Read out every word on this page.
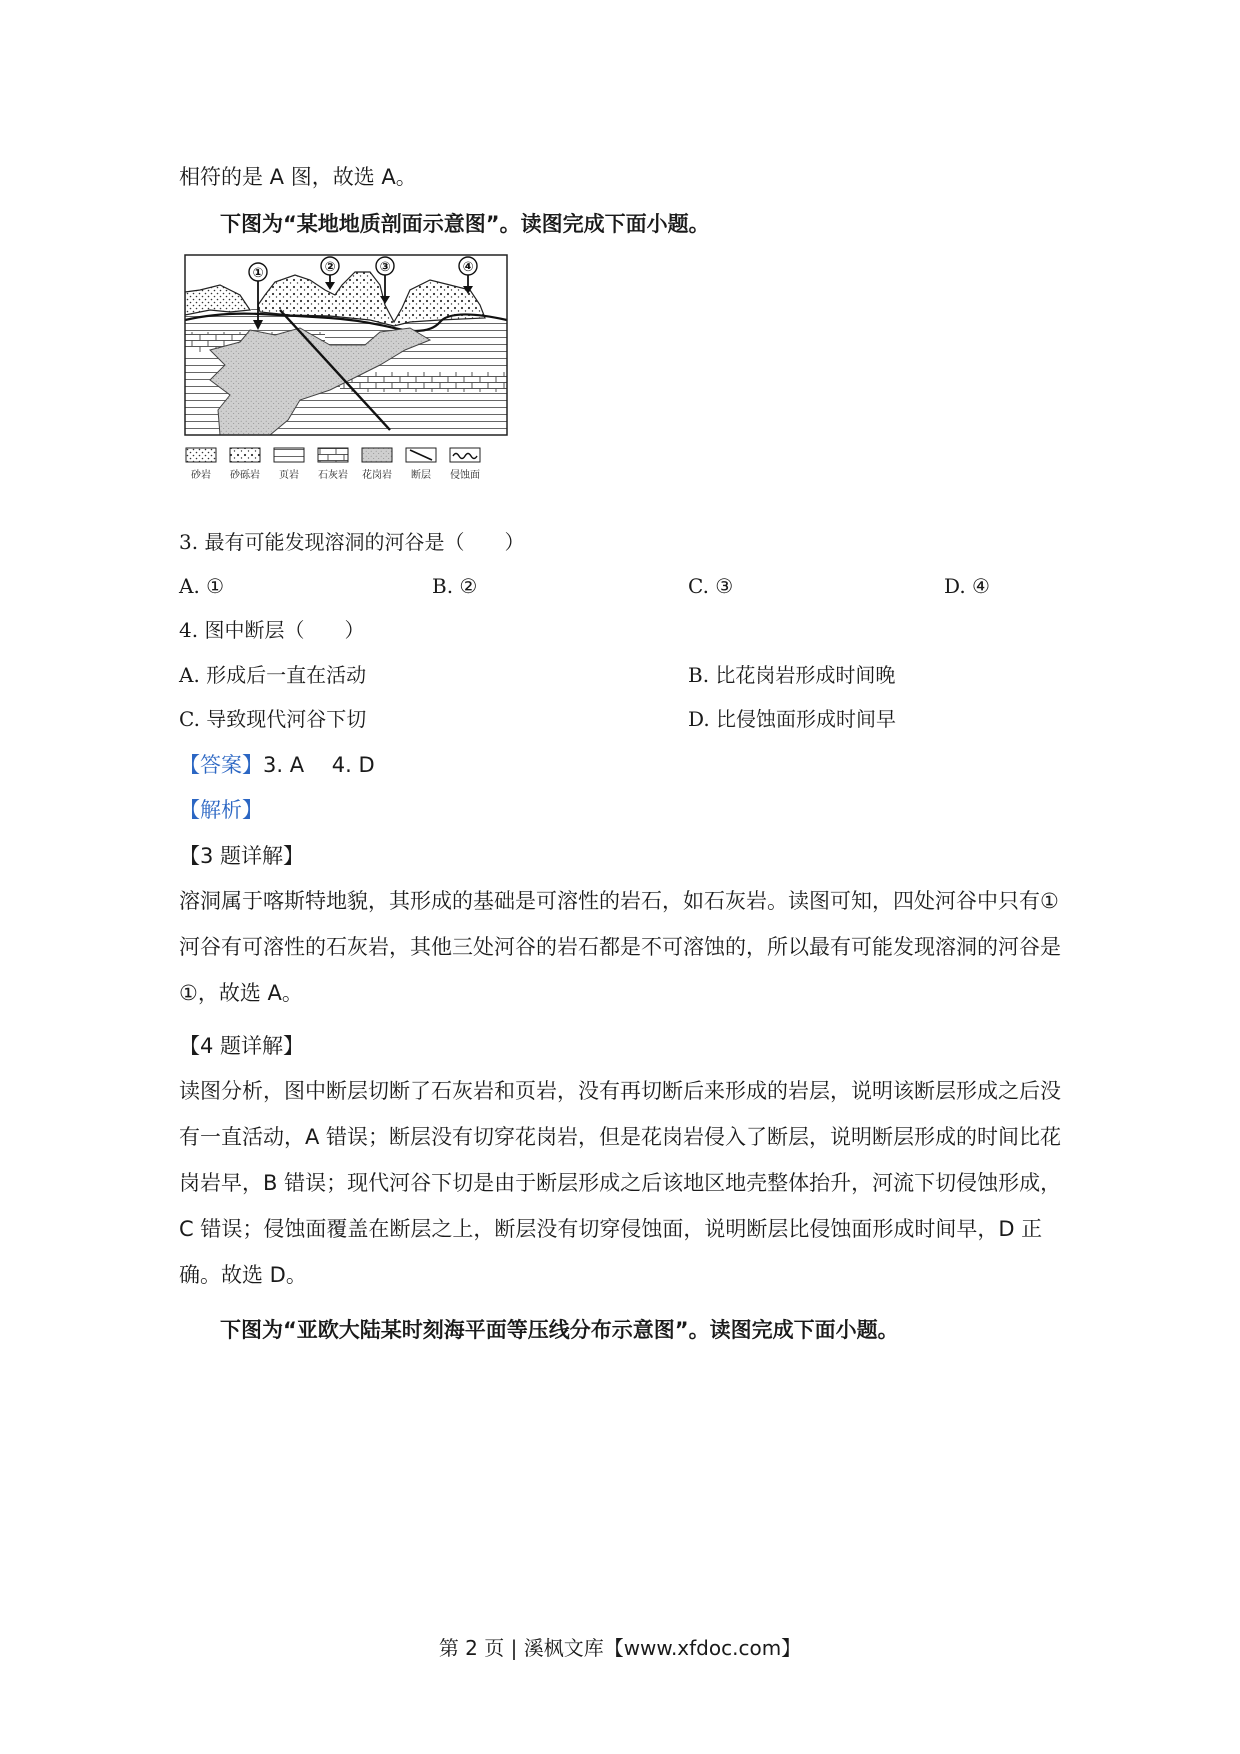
相符的是 A 图，故选 A。
下图为“某地地质剖面示意图”。读图完成下面小题。
①	②	③	④
砂岩 砂砾岩 页岩 石灰岩 花岗岩 断层 侵蚀面
3. 最有可能发现溶洞的河谷是（　　）
A. ①	B. ②	C. ③	D. ④
4. 图中断层（　　）
A. 形成后一直在活动	B. 比花岗岩形成时间晚
C. 导致现代河谷下切	D. 比侵蚀面形成时间早
【答案】3. A　 4. D
【解析】
【3 题详解】
溶洞属于喀斯特地貌，其形成的基础是可溶性的岩石，如石灰岩。读图可知，四处河谷中只有①河谷有可溶性的石灰岩，其他三处河谷的岩石都是不可溶蚀的，所以最有可能发现溶洞的河谷是①，故选 A。
【4 题详解】
读图分析，图中断层切断了石灰岩和页岩，没有再切断后来形成的岩层，说明该断层形成之后没有一直活动，A 错误；断层没有切穿花岗岩，但是花岗岩侵入了断层，说明断层形成的时间比花岗岩早，B 错误；现代河谷下切是由于断层形成之后该地区地壳整体抬升，河流下切侵蚀形成，C 错误；侵蚀面覆盖在断层之上，断层没有切穿侵蚀面，说明断层比侵蚀面形成时间早，D 正确。故选 D。
下图为“亚欧大陆某时刻海平面等压线分布示意图”。读图完成下面小题。
第 2 页 | 溪枫文库【www.xfdoc.com】
